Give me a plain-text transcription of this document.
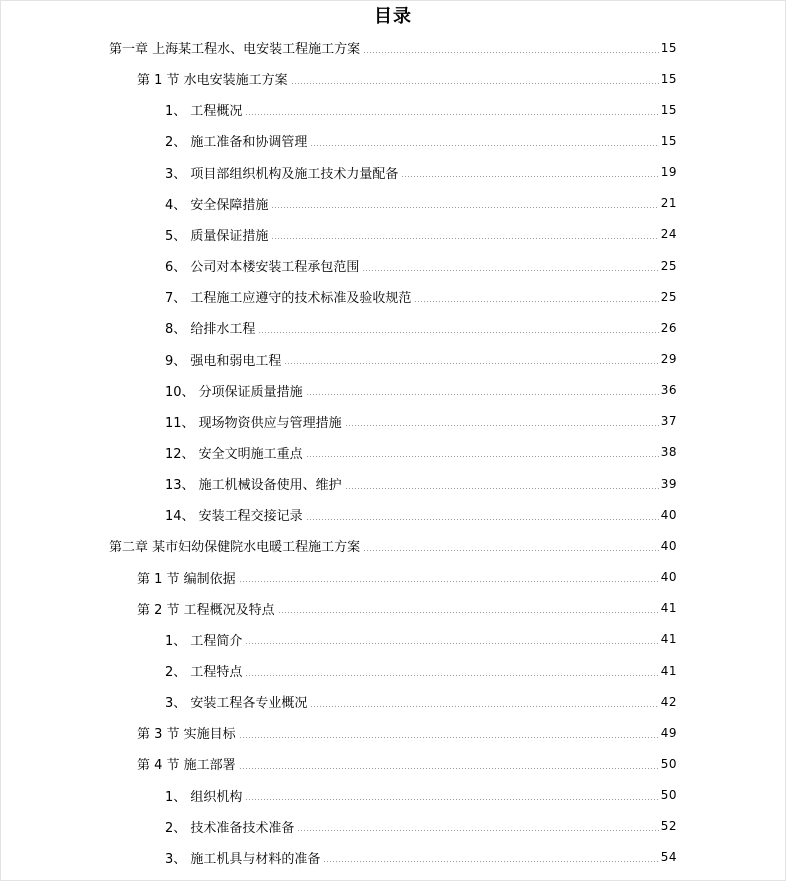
目录
第一章 上海某工程水、电安装工程施工方案	15
第 1 节 水电安装施工方案	15
1、 工程概况	15
2、 施工准备和协调管理	15
3、 项目部组织机构及施工技术力量配备	19
4、 安全保障措施	21
5、 质量保证措施	24
6、 公司对本楼安装工程承包范围	25
7、 工程施工应遵守的技术标准及验收规范	25
8、 给排水工程	26
9、 强电和弱电工程	29
10、 分项保证质量措施	36
11、 现场物资供应与管理措施	37
12、 安全文明施工重点	38
13、 施工机械设备使用、维护	39
14、 安装工程交接记录	40
第二章 某市妇幼保健院水电暖工程施工方案	40
第 1 节 编制依据	40
第 2 节 工程概况及特点	41
1、 工程简介	41
2、 工程特点	41
3、 安装工程各专业概况	42
第 3 节 实施目标	49
第 4 节 施工部署	50
1、 组织机构	50
2、 技术准备技术准备	52
3、 施工机具与材料的准备	54
